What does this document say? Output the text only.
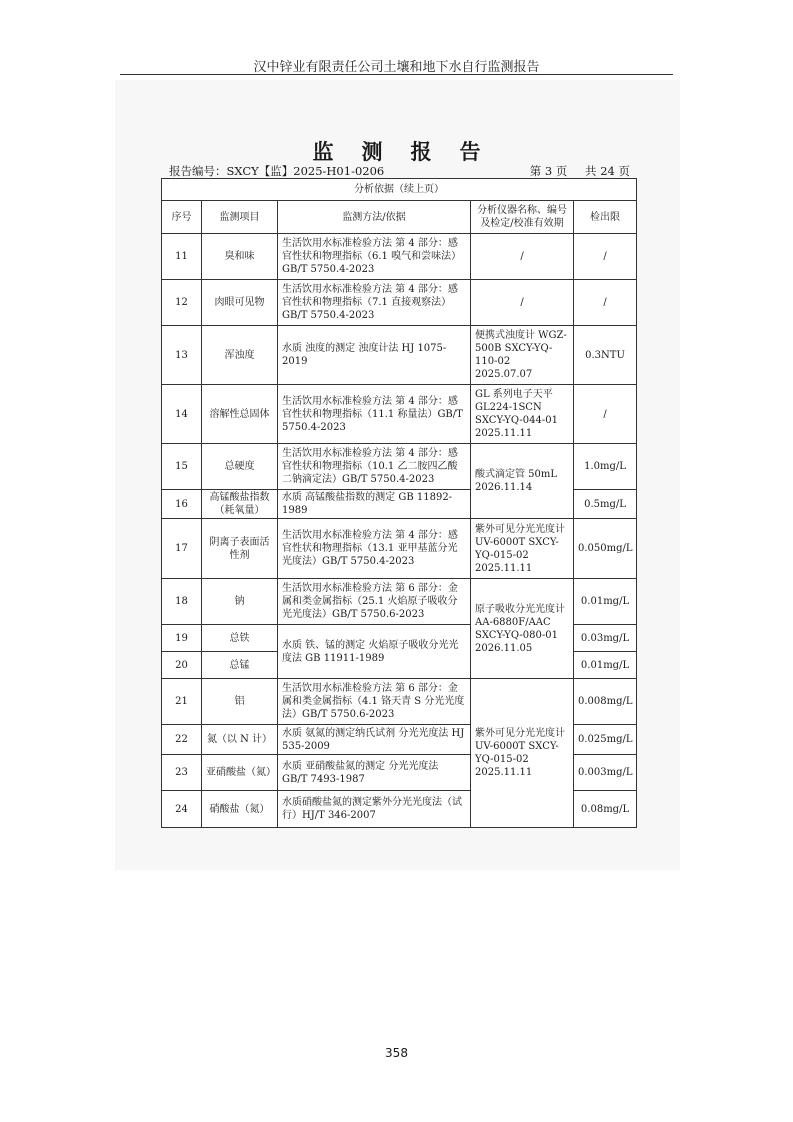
汉中锌业有限责任公司土壤和地下水自行监测报告
监测报告
报告编号：SXCY【监】2025-H01-0206	第 3 页 共 24 页
分析依据（续上页）				
序号	监测项目	监测方法/依据	分析仪器名称、编号及检定/校准有效期	检出限
11	臭和味	生活饮用水标准检验方法 第 4 部分：感官性状和物理指标（6.1 嗅气和尝味法）GB/T 5750.4-2023	/	/
12	肉眼可见物	生活饮用水标准检验方法 第 4 部分：感官性状和物理指标（7.1 直接观察法）GB/T 5750.4-2023	/	/
13	浑浊度	水质 浊度的测定 浊度计法 HJ 1075-2019	便携式浊度计 WGZ-500B SXCY-YQ-110-02 2025.07.07	0.3NTU
14	溶解性总固体	生活饮用水标准检验方法 第 4 部分：感官性状和物理指标（11.1 称量法）GB/T 5750.4-2023	GL 系列电子天平 GL224-1SCN SXCY-YQ-044-01 2025.11.11	/
15	总硬度	生活饮用水标准检验方法 第 4 部分：感官性状和物理指标（10.1 乙二胺四乙酸二钠滴定法）GB/T 5750.4-2023	酸式滴定管 50mL 2026.11.14	1.0mg/L
16	高锰酸盐指数（耗氧量）	水质 高锰酸盐指数的测定 GB 11892-1989		0.5mg/L
17	阴离子表面活性剂	生活饮用水标准检验方法 第 4 部分：感官性状和物理指标（13.1 亚甲基蓝分光光度法）GB/T 5750.4-2023	紫外可见分光光度计 UV-6000T SXCY-YQ-015-02 2025.11.11	0.050mg/L
18	钠	生活饮用水标准检验方法 第 6 部分：金属和类金属指标（25.1 火焰原子吸收分光光度法）GB/T 5750.6-2023	原子吸收分光光度计 AA-6880F/AAC SXCY-YQ-080-01 2026.11.05	0.01mg/L
19	总铁	水质 铁、锰的测定 火焰原子吸收分光光度法 GB 11911-1989		0.03mg/L
20	总锰			0.01mg/L
21	铝	生活饮用水标准检验方法 第 6 部分：金属和类金属指标（4.1 铬天青 S 分光光度法）GB/T 5750.6-2023	紫外可见分光光度计 UV-6000T SXCY-YQ-015-02 2025.11.11	0.008mg/L
22	氮（以 N 计）	水质 氨氮的测定纳氏试剂 分光光度法 HJ 535-2009		0.025mg/L
23	亚硝酸盐（氮）	水质 亚硝酸盐氮的测定 分光光度法 GB/T 7493-1987		0.003mg/L
24	硝酸盐（氮）	水质硝酸盐氮的测定紫外分光光度法（试行）HJ/T 346-2007		0.08mg/L
358
